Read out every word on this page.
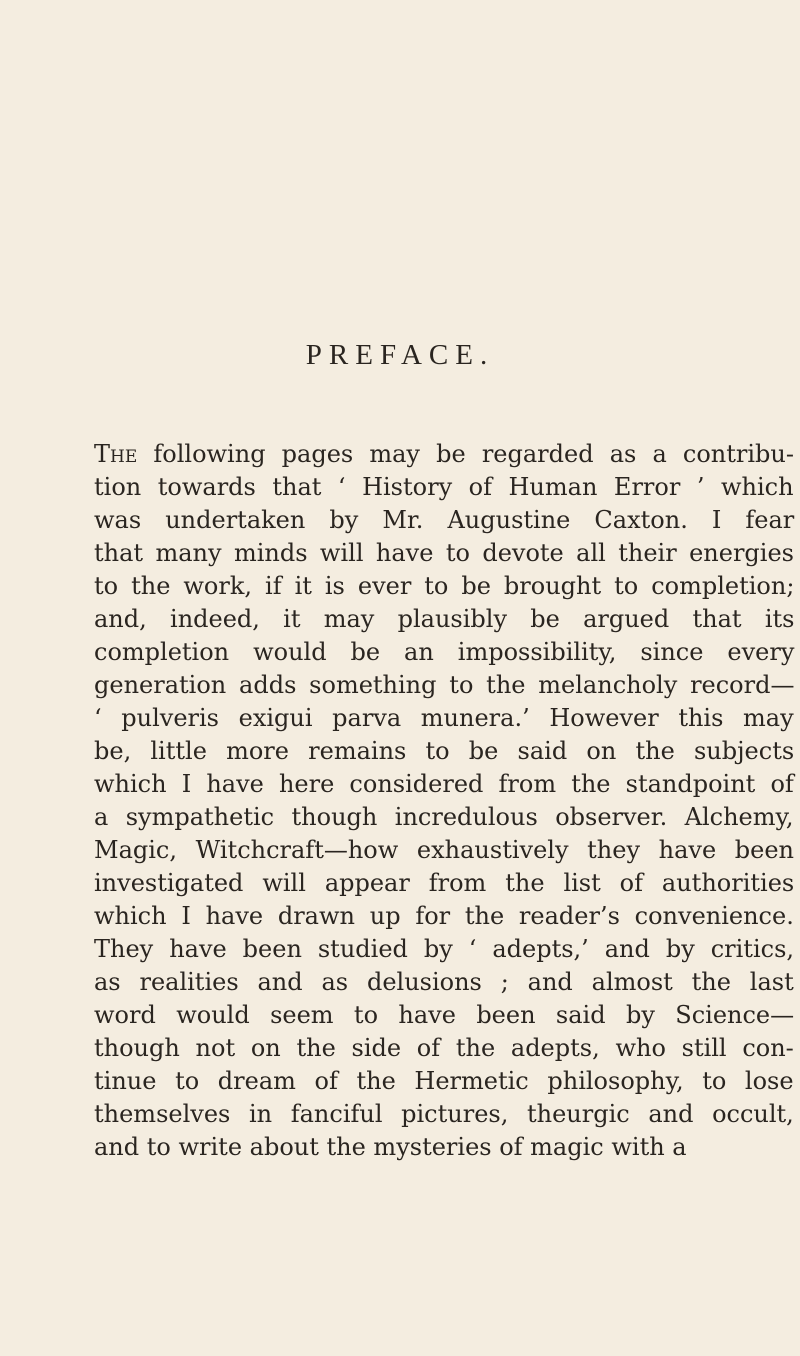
PREFACE.
The following pages may be regarded as a contribu-
tion towards that ‘ History of Human Error ’ which
was undertaken by Mr. Augustine Caxton. I fear
that many minds will have to devote all their energies
to the work, if it is ever to be brought to completion;
and, indeed, it may plausibly be argued that its
completion would be an impossibility, since every
generation adds something to the melancholy record—
‘ pulveris exigui parva munera.’ However this may
be, little more remains to be said on the subjects
which I have here considered from the standpoint of
a sympathetic though incredulous observer. Alchemy,
Magic, Witchcraft—how exhaustively they have been
investigated will appear from the list of authorities
which I have drawn up for the reader’s convenience.
They have been studied by ‘ adepts,’ and by critics,
as realities and as delusions ; and almost the last
word would seem to have been said by Science—
though not on the side of the adepts, who still con-
tinue to dream of the Hermetic philosophy, to lose
themselves in fanciful pictures, theurgic and occult,
and to write about the mysteries of magic with a
